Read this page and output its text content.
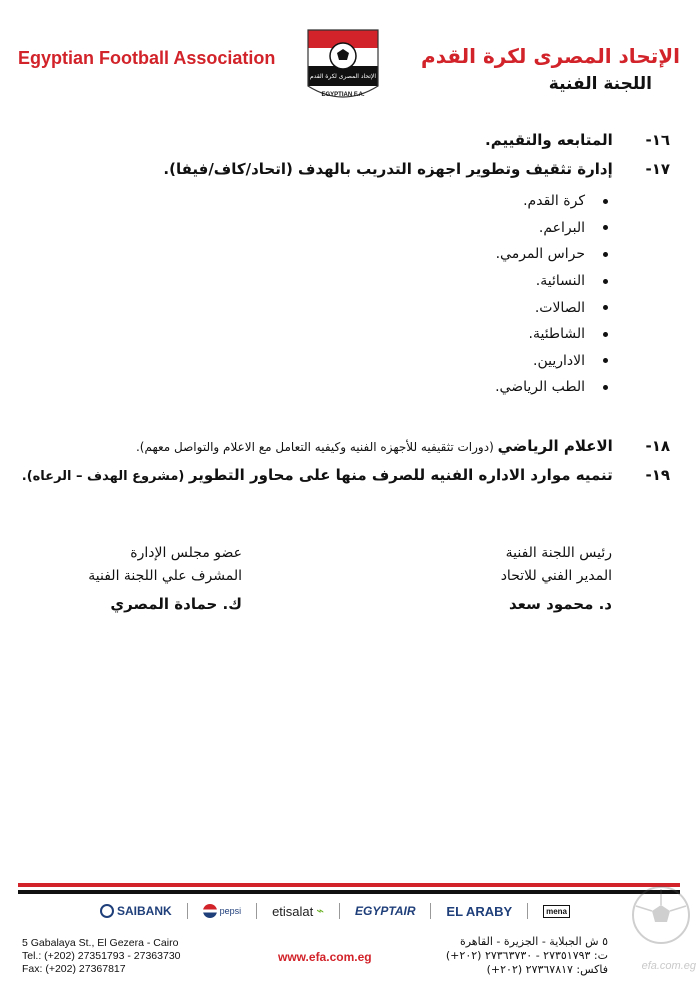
Egyptian Football Association	الإتحاد المصرى لكرة القدم
اللجنة الفنية
الإتحاد المصرى لكرة القدم
EGYPTIAN F.A.
١٦- المتابعه والتقييم.
١٧- إدارة تثقيف وتطوير اجهزه التدريب بالهدف (اتحاد/كاف/فيفا).
كرة القدم.
البراعم.
حراس المرمي.
النسائية.
الصالات.
الشاطئية.
الاداريين.
الطب الرياضي.
١٨- الاعلام الرياضي (دورات تثقيفيه للأجهزه الفنيه وكيفيه التعامل مع الاعلام والتواصل معهم).
١٩- تنميه موارد الاداره الفنيه للصرف منها على محاور التطوير (مشروع الهدف – الرعاه).
رئيس اللجنة الفنية
المدير الفني للاتحاد
د. محمود سعد
عضو مجلس الإدارة
المشرف علي اللجنة الفنية
ك. حمادة المصري
SAIBANK	pepsi etisalat ⌁	EGYPTAIR EL ARABY	mena
5 Gabalaya St., El Gezera - Cairo
Tel.: (+202) 27351793 - 27363730
Fax: (+202) 27367817
www.efa.com.eg
٥ ش الجبلاية - الجزيرة - القاهرة
ت: ٢٧٣٥١٧٩٣ - ٢٧٣٦٣٧٣٠ (٢٠٢+)
فاكس: ٢٧٣٦٧٨١٧ (٢٠٢+)	efa.com.eg
